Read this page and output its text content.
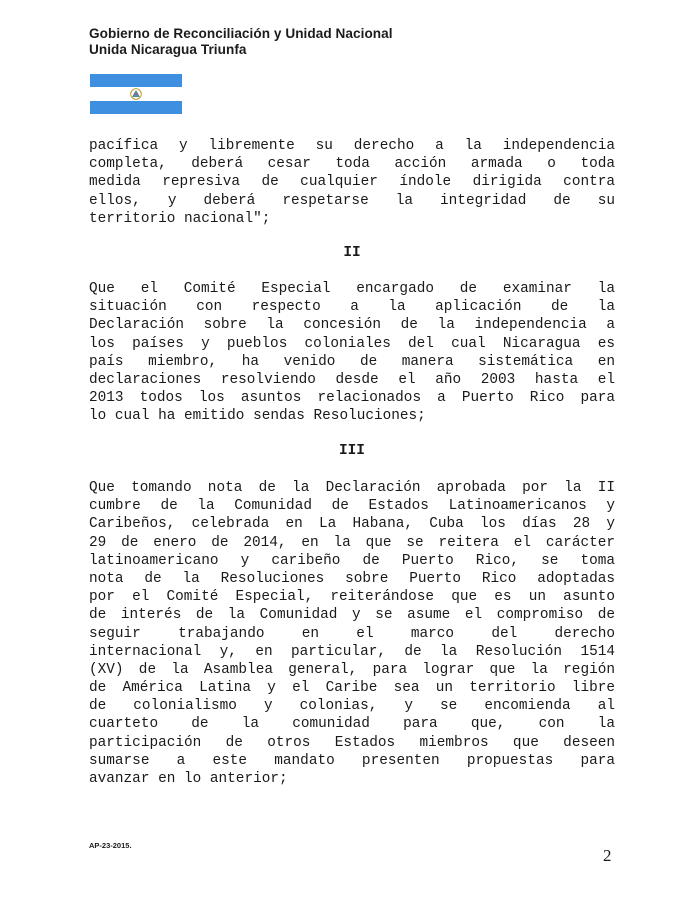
Gobierno de Reconciliación y Unidad Nacional
Unida Nicaragua Triunfa
pacífica y libremente su derecho a la independencia
completa, deberá cesar toda acción armada o toda
medida represiva de cualquier índole dirigida contra
ellos, y deberá respetarse la integridad de su
territorio nacional";
II
Que el Comité Especial encargado de examinar la
situación con respecto a la aplicación de la
Declaración sobre la concesión de la independencia a
los países y pueblos coloniales del cual Nicaragua es
país miembro, ha venido de manera sistemática en
declaraciones resolviendo desde el año 2003 hasta el
2013 todos los asuntos relacionados a Puerto Rico para
lo cual ha emitido sendas Resoluciones;
III
Que tomando nota de la Declaración aprobada por la II
cumbre de la Comunidad de Estados Latinoamericanos y
Caribeños, celebrada en La Habana, Cuba los días 28 y
29 de enero de 2014, en la que se reitera el carácter
latinoamericano y caribeño de Puerto Rico, se toma
nota de la Resoluciones sobre Puerto Rico adoptadas
por el Comité Especial, reiterándose que es un asunto
de interés de la Comunidad y se asume el compromiso de
seguir trabajando en el marco del derecho
internacional y, en particular, de la Resolución 1514
(XV) de la Asamblea general, para lograr que la región
de América Latina y el Caribe sea un territorio libre
de colonialismo y colonias, y se encomienda al
cuarteto de la comunidad para que, con la
participación de otros Estados miembros que deseen
sumarse a este mandato presenten propuestas para
avanzar en lo anterior;
AP-23-2015.
2
